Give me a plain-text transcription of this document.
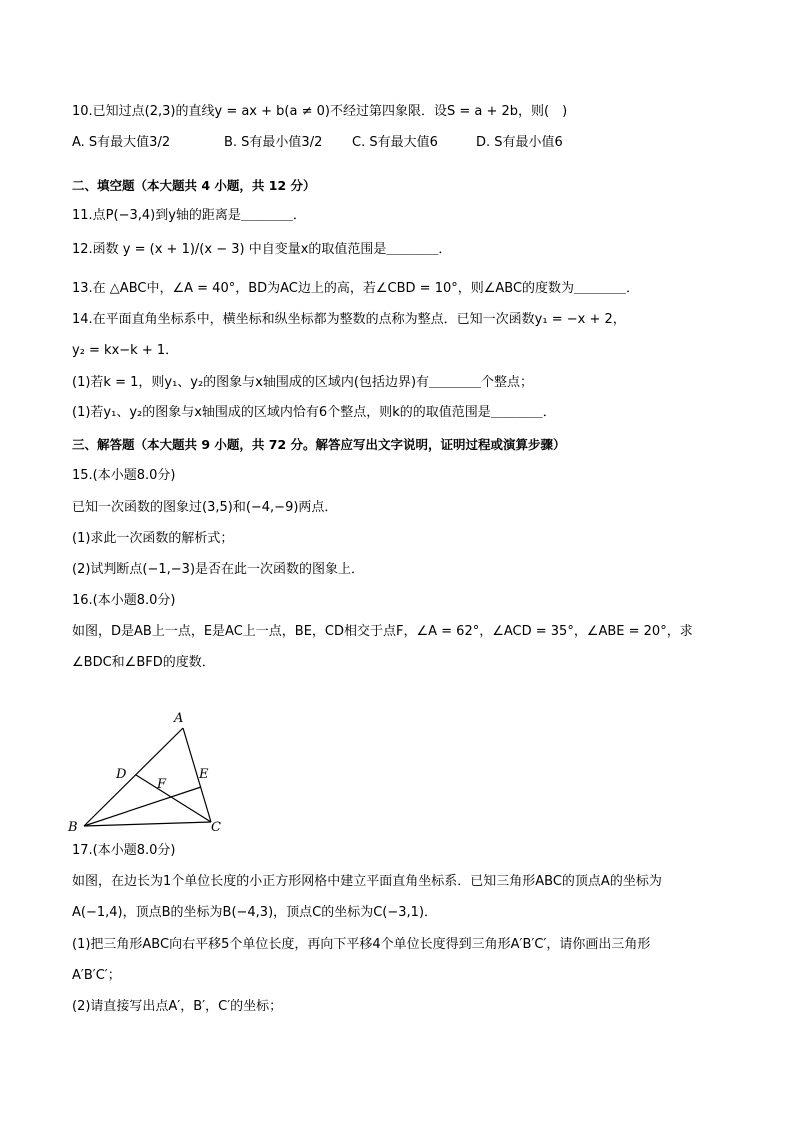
10.已知过点(2,3)的直线y = ax + b(a ≠ 0)不经过第四象限．设S = a + 2b，则(　)
A. S有最大值3/2	B. S有最小值3/2 C. S有最大值6	D. S有最小值6
二、填空题（本大题共 4 小题，共 12 分）
11.点P(−3,4)到y轴的距离是＿＿＿＿．
12.函数 y = (x + 1)/(x − 3) 中自变量x的取值范围是＿＿＿＿．
13.在 △ABC中，∠A = 40°，BD为AC边上的高，若∠CBD = 10°，则∠ABC的度数为＿＿＿＿．
14.在平面直角坐标系中，横坐标和纵坐标都为整数的点称为整点．已知一次函数y₁ = −x + 2，
y₂ = kx−k + 1．
(1)若k = 1，则y₁、y₂的图象与x轴围成的区域内(包括边界)有＿＿＿＿个整点；
(1)若y₁、y₂的图象与x轴围成的区域内恰有6个整点，则k的的取值范围是＿＿＿＿．
三、解答题（本大题共 9 小题，共 72 分。解答应写出文字说明，证明过程或演算步骤）
15.(本小题8.0分)
已知一次函数的图象过(3,5)和(−4,−9)两点．
(1)求此一次函数的解析式；
(2)试判断点(−1,−3)是否在此一次函数的图象上．
16.(本小题8.0分)
如图，D是AB上一点，E是AC上一点，BE，CD相交于点F，∠A = 62°，∠ACD = 35°，∠ABE = 20°，求
∠BDC和∠BFD的度数．
A
B	C
D	E
F
17.(本小题8.0分)
如图，在边长为1个单位长度的小正方形网格中建立平面直角坐标系．已知三角形ABC的顶点A的坐标为
A(−1,4)，顶点B的坐标为B(−4,3)，顶点C的坐标为C(−3,1)．
(1)把三角形ABC向右平移5个单位长度，再向下平移4个单位长度得到三角形A′B′C′，请你画出三角形
A′B′C′；
(2)请直接写出点A′，B′，C′的坐标；
